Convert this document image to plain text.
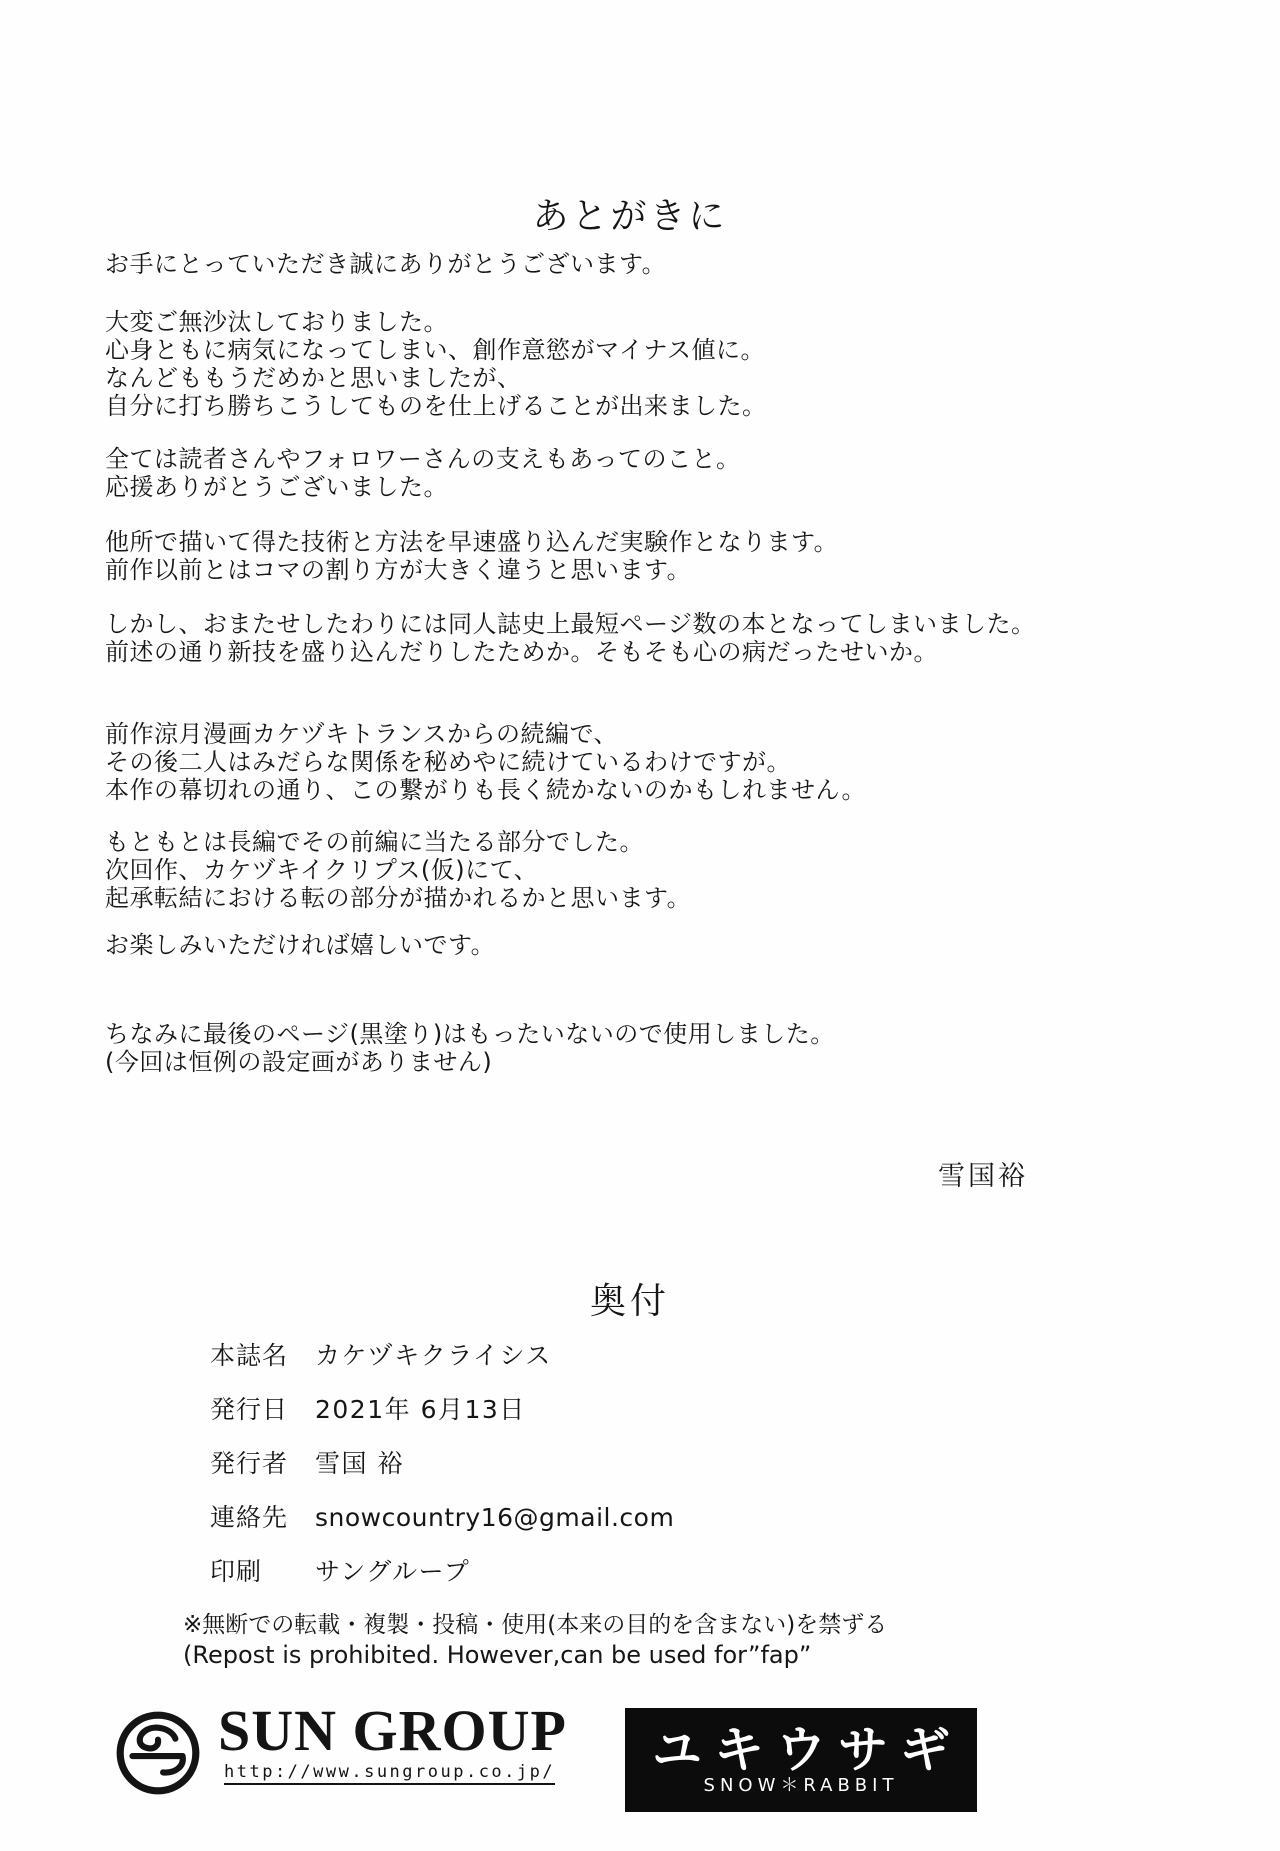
あとがきに
お手にとっていただき誠にありがとうございます。
大変ご無沙汰しておりました。
心身ともに病気になってしまい、創作意慾がマイナス値に。
なんどももうだめかと思いましたが、
自分に打ち勝ちこうしてものを仕上げることが出来ました。
全ては読者さんやフォロワーさんの支えもあってのこと。
応援ありがとうございました。
他所で描いて得た技術と方法を早速盛り込んだ実験作となります。
前作以前とはコマの割り方が大きく違うと思います。
しかし、おまたせしたわりには同人誌史上最短ページ数の本となってしまいました。
前述の通り新技を盛り込んだりしたためか。そもそも心の病だったせいか。
前作涼月漫画カケヅキトランスからの続編で、
その後二人はみだらな関係を秘めやに続けているわけですが。
本作の幕切れの通り、この繋がりも長く続かないのかもしれません。
もともとは長編でその前編に当たる部分でした。
次回作、カケヅキイクリプス(仮)にて、
起承転結における転の部分が描かれるかと思います。
お楽しみいただければ嬉しいです。
ちなみに最後のページ(黒塗り)はもったいないので使用しました。
(今回は恒例の設定画がありません)
雪国裕
奥付
本誌名 カケヅキクライシス
発行日 2021年 6月13日
発行者 雪国 裕
連絡先 snowcountry16@gmail.com
印刷 サングループ
※無断での転載・複製・投稿・使用(本来の目的を含まない)を禁ずる
(Repost is prohibited. However,can be used for”fap”
SUN GROUP
http://www.sungroup.co.jp/ ユキウサギ
SNOW＊RABBIT
